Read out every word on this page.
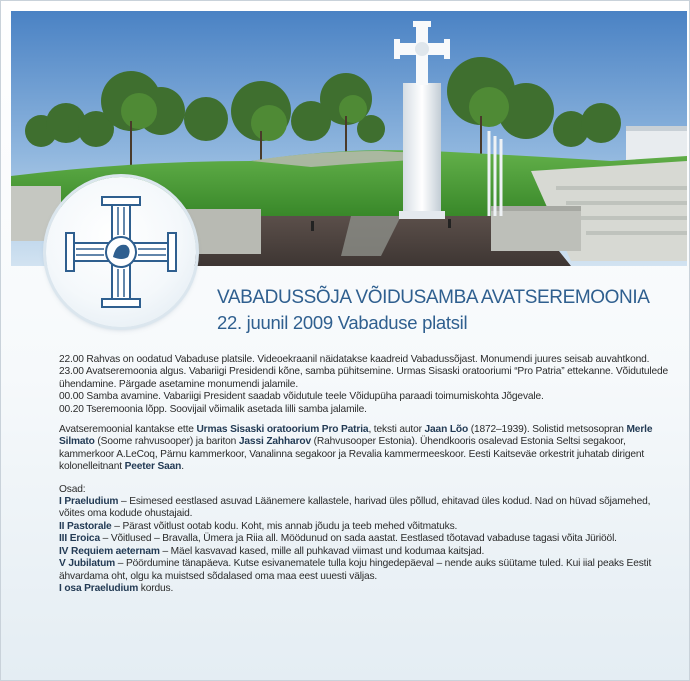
VABADUSSÕJA VÕIDUSAMBA AVATSEREMOONIA
22. juunil 2009 Vabaduse platsil

22.00 Rahvas on oodatud Vabaduse platsile. Videoekraanil näidatakse kaadreid Vabadussõjast. Monumendi juures seisab auvahtkond.

23.00 Avatseremoonia algus. Vabariigi Presidendi kõne, samba pühitsemine. Urmas Sisaski oratooriumi “Pro Patria” ettekanne. Võidutulede ühendamine. Pärgade asetamine monumendi jalamile.

00.00 Samba avamine. Vabariigi President saadab võidutule teele Võidupüha paraadi toimumiskohta Jõgevale.

00.20 Tseremoonia lõpp. Soovijail võimalik asetada lilli samba jalamile.

Avatseremoonial kantakse ette Urmas Sisaski oratoorium Pro Patria, teksti autor Jaan Lõo (1872–1939). Solistid metsosopran Merle Silmato (Soome rahvusooper) ja bariton Jassi Zahharov (Rahvusooper Estonia). Ühendkooris osalevad Estonia Seltsi segakoor, kammerkoor A.LeCoq, Pärnu kammerkoor, Vanalinna segakoor ja Revalia kammermeeskoor. Eesti Kaitseväe orkestrit juhatab dirigent kolonelleitnant Peeter Saan.

Osad:

I Praeludium – Esimesed eestlased asuvad Läänemere kallastele, harivad üles põllud, ehitavad üles kodud. Nad on hüvad sõjamehed, võites oma kodude ohustajaid.

II Pastorale – Pärast võitlust ootab kodu. Koht, mis annab jõudu ja teeb mehed võitmatuks.

III Eroica – Võitlused – Bravalla, Ümera ja Riia all. Möödunud on sada aastat. Eestlased tõotavad vabaduse tagasi võita Jüriööl.

IV Requiem aeternam – Mäel kasvavad kased, mille all puhkavad viimast und kodumaa kaitsjad.

V Jubilatum – Pöördumine tänapäeva. Kutse esivanematele tulla koju hingedepäeval – nende auks süütame tuled. Kui iial peaks Eestit ähvardama oht, olgu ka muistsed sõdalased oma maa eest uuesti väljas.

I osa Praeludium kordus.
